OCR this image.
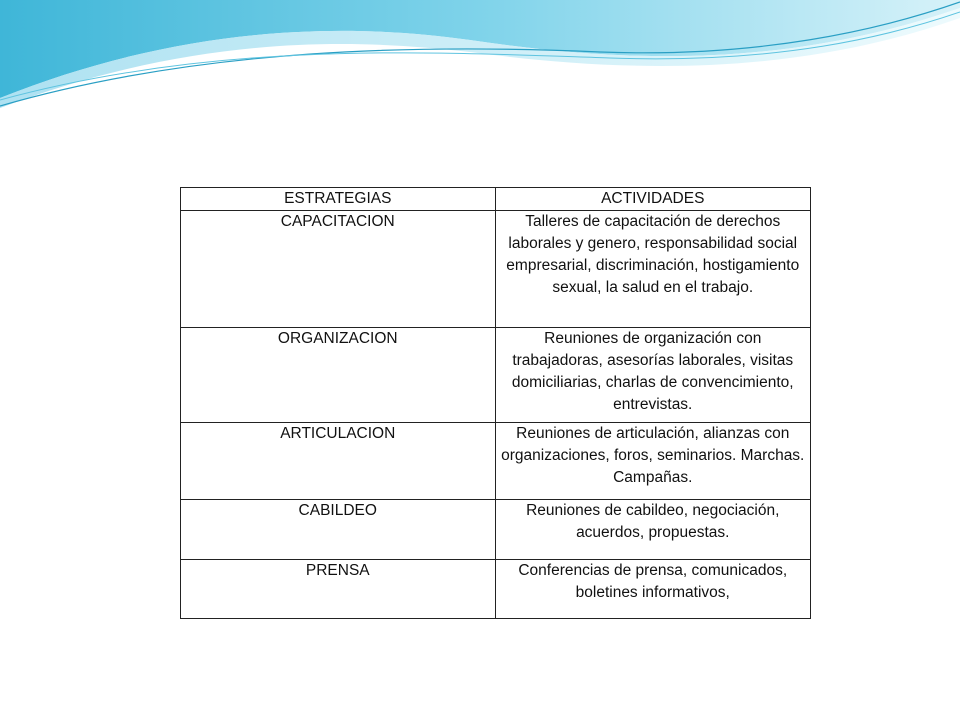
ESTRATEGIAS	ACTIVIDADES
CAPACITACION	Talleres de capacitación de derechos laborales y genero, responsabilidad social empresarial, discriminación, hostigamiento sexual, la salud en el trabajo.
ORGANIZACION	Reuniones de organización con trabajadoras, asesorías laborales, visitas domiciliarias, charlas de convencimiento, entrevistas.
ARTICULACION	Reuniones de articulación, alianzas con organizaciones, foros, seminarios. Marchas. Campañas.
CABILDEO	Reuniones de cabildeo, negociación, acuerdos, propuestas.
PRENSA	Conferencias de prensa, comunicados, boletines informativos,
